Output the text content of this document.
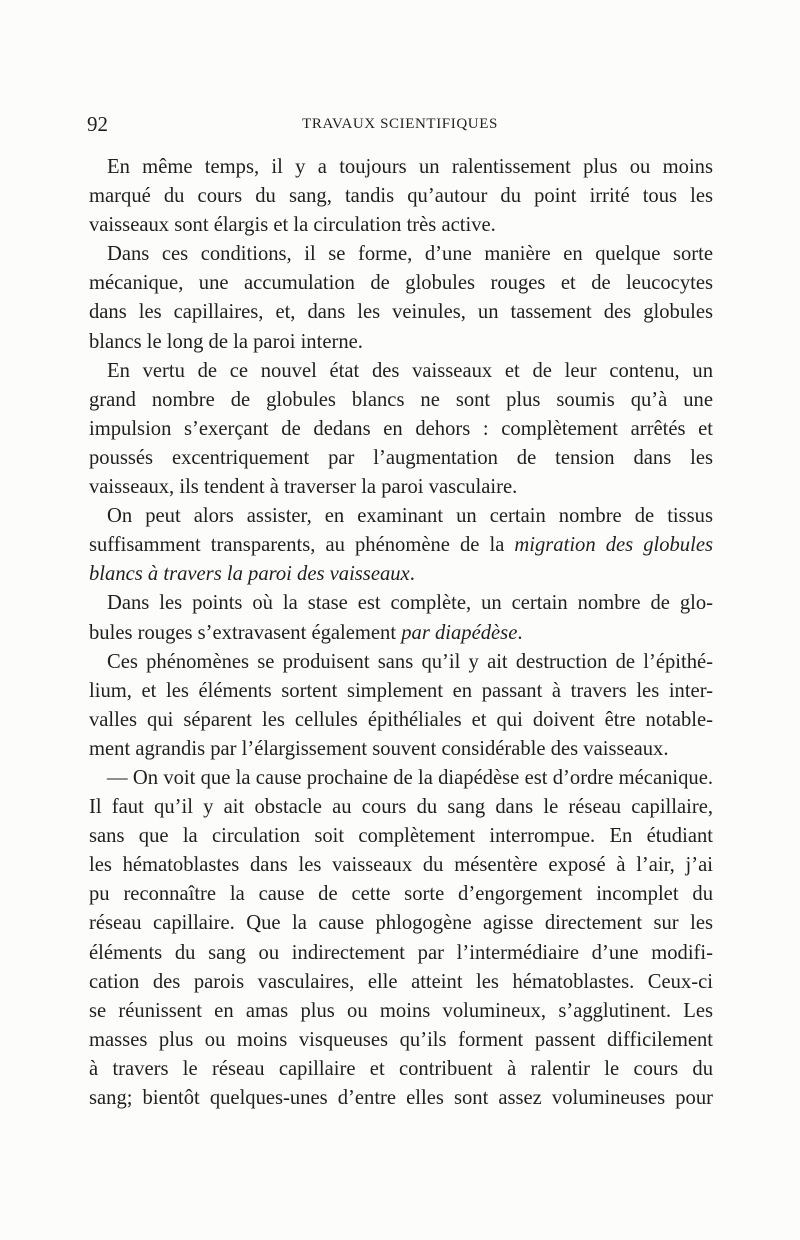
92	TRAVAUX SCIENTIFIQUES

En même temps, il y a toujours un ralentissement plus ou moins
marqué du cours du sang, tandis qu’autour du point irrité tous les
vaisseaux sont élargis et la circulation très active.

Dans ces conditions, il se forme, d’une manière en quelque sorte
mécanique, une accumulation de globules rouges et de leucocytes
dans les capillaires, et, dans les veinules, un tassement des globules
blancs le long de la paroi interne.

En vertu de ce nouvel état des vaisseaux et de leur contenu, un
grand nombre de globules blancs ne sont plus soumis qu’à une
impulsion s’exerçant de dedans en dehors : complètement arrêtés et
poussés excentriquement par l’augmentation de tension dans les
vaisseaux, ils tendent à traverser la paroi vasculaire.

On peut alors assister, en examinant un certain nombre de tissus
suffisamment transparents, au phénomène de la migration des globules
blancs à travers la paroi des vaisseaux.

Dans les points où la stase est complète, un certain nombre de glo-
bules rouges s’extravasent également par diapédèse.

Ces phénomènes se produisent sans qu’il y ait destruction de l’épithé-
lium, et les éléments sortent simplement en passant à travers les inter-
valles qui séparent les cellules épithéliales et qui doivent être notable-
ment agrandis par l’élargissement souvent considérable des vaisseaux.

— On voit que la cause prochaine de la diapédèse est d’ordre mécanique.
Il faut qu’il y ait obstacle au cours du sang dans le réseau capillaire,
sans que la circulation soit complètement interrompue. En étudiant
les hématoblastes dans les vaisseaux du mésentère exposé à l’air, j’ai
pu reconnaître la cause de cette sorte d’engorgement incomplet du
réseau capillaire. Que la cause phlogogène agisse directement sur les
éléments du sang ou indirectement par l’intermédiaire d’une modifi-
cation des parois vasculaires, elle atteint les hématoblastes. Ceux-ci
se réunissent en amas plus ou moins volumineux, s’agglutinent. Les
masses plus ou moins visqueuses qu’ils forment passent difficilement
à travers le réseau capillaire et contribuent à ralentir le cours du
sang; bientôt quelques-unes d’entre elles sont assez volumineuses pour
